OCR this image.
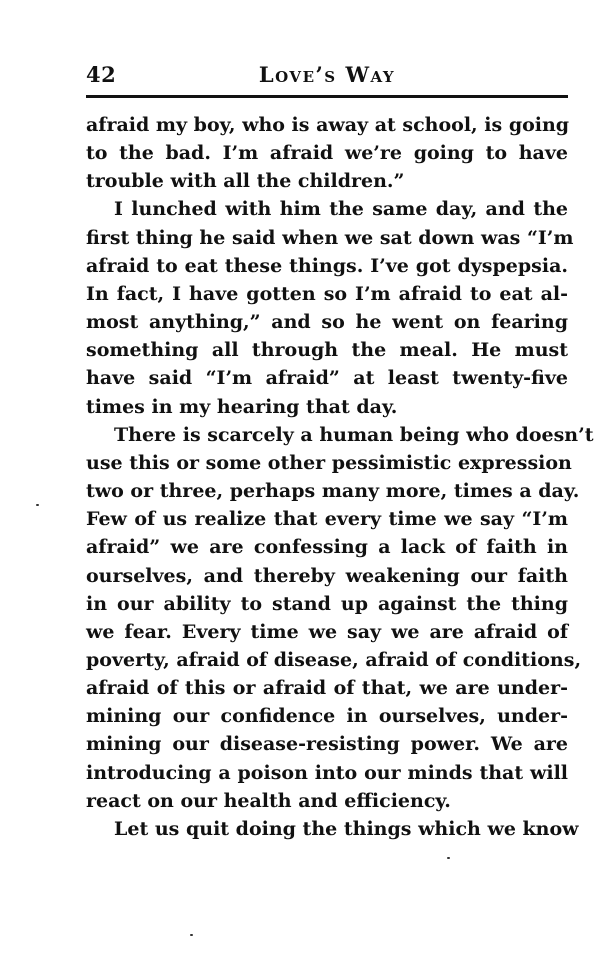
42	Love’s Way
afraid my boy, who is away at school, is going
to the bad. I’m afraid we’re going to have
trouble with all the children.”
I lunched with him the same day, and the
first thing he said when we sat down was “I’m
afraid to eat these things. I’ve got dyspepsia.
In fact, I have gotten so I’m afraid to eat al-
most anything,” and so he went on fearing
something all through the meal. He must
have said “I’m afraid” at least twenty-five
times in my hearing that day.
There is scarcely a human being who doesn’t
use this or some other pessimistic expression
two or three, perhaps many more, times a day.
Few of us realize that every time we say “I’m
afraid” we are confessing a lack of faith in
ourselves, and thereby weakening our faith
in our ability to stand up against the thing
we fear. Every time we say we are afraid of
poverty, afraid of disease, afraid of conditions,
afraid of this or afraid of that, we are under-
mining our confidence in ourselves, under-
mining our disease-resisting power. We are
introducing a poison into our minds that will
react on our health and efficiency.
Let us quit doing the things which we know
